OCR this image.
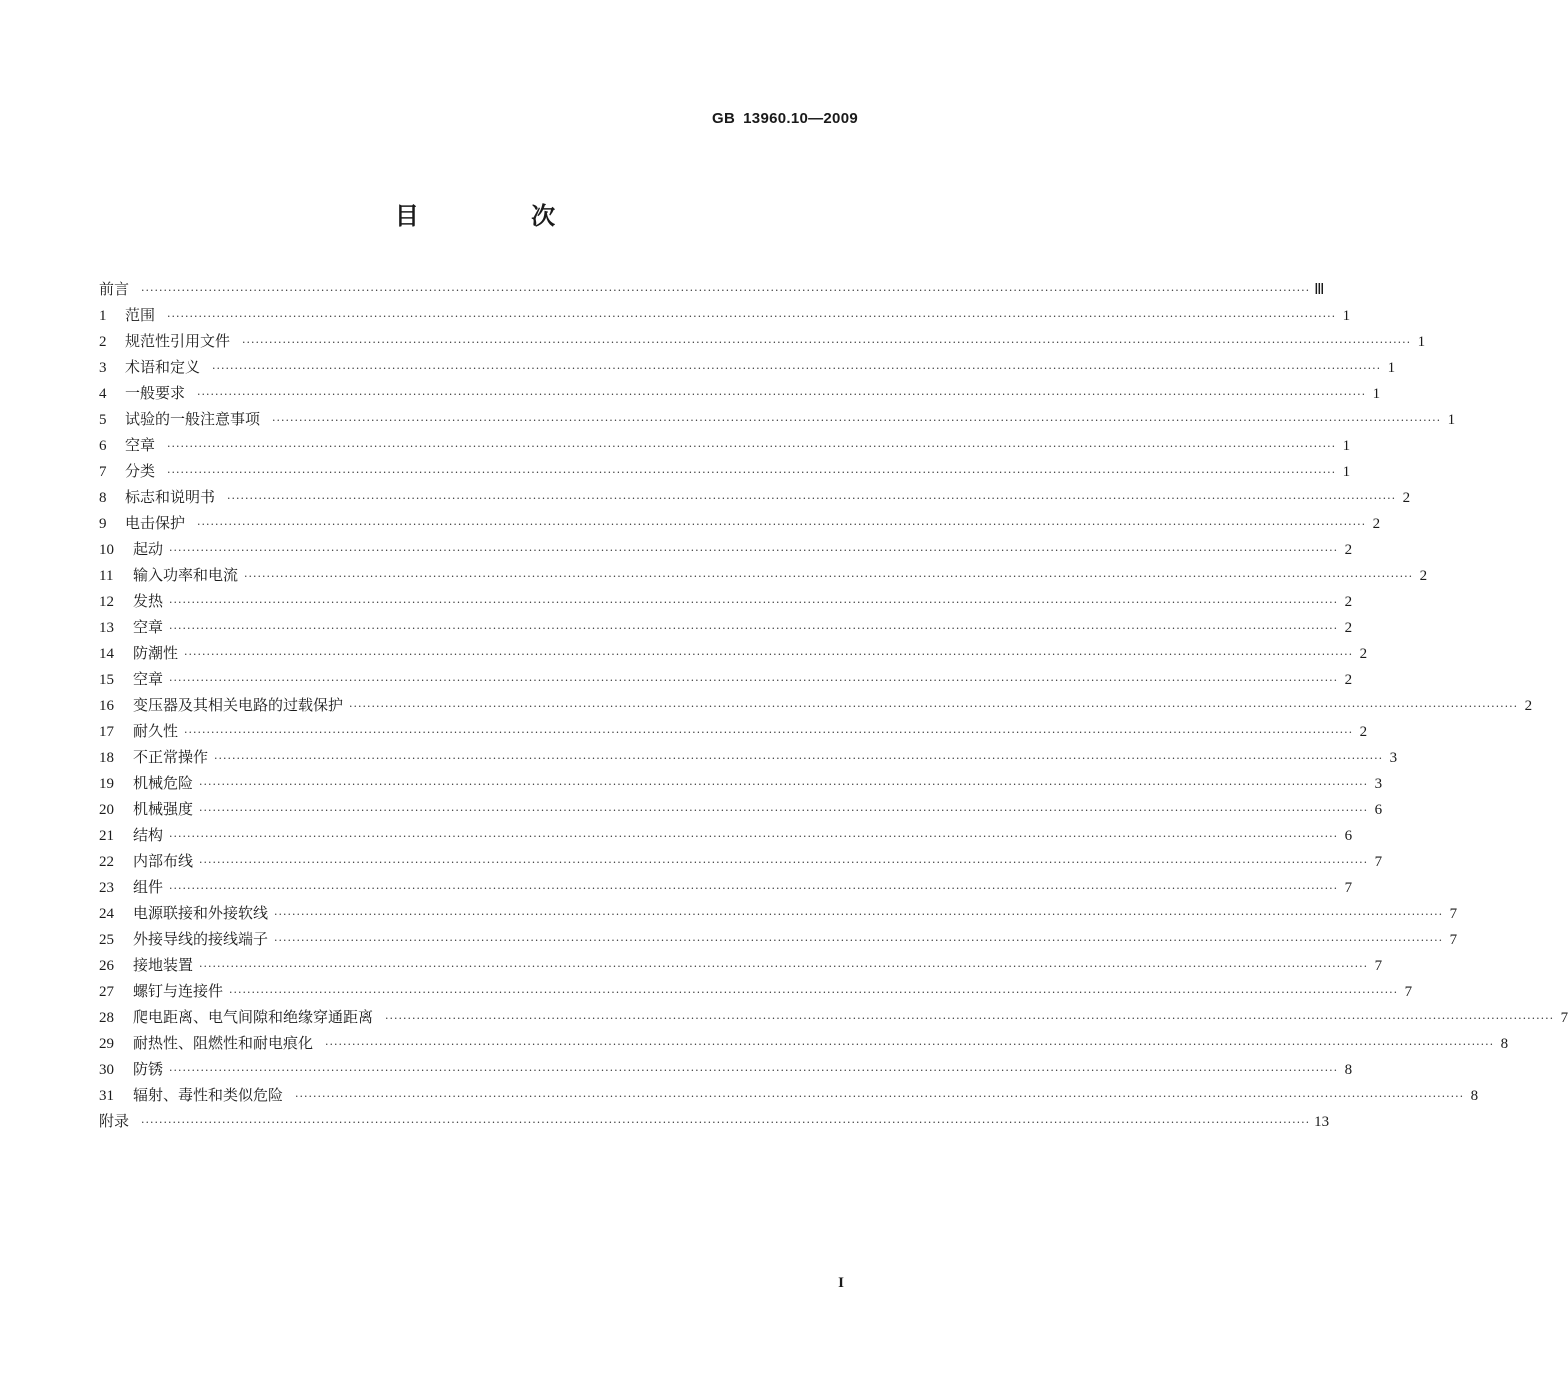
GB 13960.10—2009
目 次
前言	···································································································································································································································································· Ⅲ
1	范围	···································································································································································································································································· 1
2	规范性引用文件	···································································································································································································································································· 1
3	术语和定义	···································································································································································································································································· 1
4	一般要求	···································································································································································································································································· 1
5	试验的一般注意事项	···································································································································································································································································· 1
6	空章	···································································································································································································································································· 1
7	分类	···································································································································································································································································· 1
8	标志和说明书	···································································································································································································································································· 2
9	电击保护	···································································································································································································································································· 2
10	起动 ···································································································································································································································································· 2
11	输入功率和电流 ···································································································································································································································································· 2
12	发热 ···································································································································································································································································· 2
13	空章 ···································································································································································································································································· 2
14	防潮性 ···································································································································································································································································· 2
15	空章 ···································································································································································································································································· 2
16	变压器及其相关电路的过载保护 ···································································································································································································································································· 2
17	耐久性 ···································································································································································································································································· 2
18	不正常操作 ···································································································································································································································································· 3
19	机械危险 ···································································································································································································································································· 3
20	机械强度 ···································································································································································································································································· 6
21	结构 ···································································································································································································································································· 6
22	内部布线 ···································································································································································································································································· 7
23	组件 ···································································································································································································································································· 7
24	电源联接和外接软线 ···································································································································································································································································· 7
25	外接导线的接线端子 ···································································································································································································································································· 7
26	接地装置 ···································································································································································································································································· 7
27	螺钉与连接件 ···································································································································································································································································· 7
28	爬电距离、电气间隙和绝缘穿通距离	···································································································································································································································································· 7
29	耐热性、阻燃性和耐电痕化	···································································································································································································································································· 8
30	防锈 ···································································································································································································································································· 8
31	辐射、毒性和类似危险	···································································································································································································································································· 8
附录	···································································································································································································································································· 13
I
